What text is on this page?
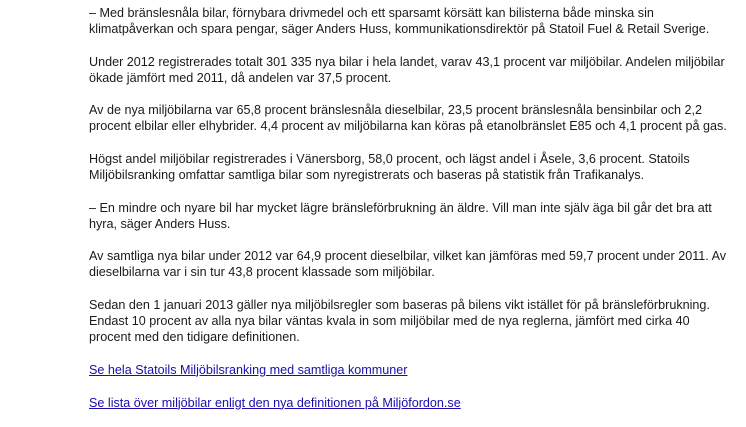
– Med bränslesnåla bilar, förnybara drivmedel och ett sparsamt körsätt kan bilisterna både minska sin klimatpåverkan och spara pengar, säger Anders Huss, kommunikationsdirektör på Statoil Fuel & Retail Sverige.

Under 2012 registrerades totalt 301 335 nya bilar i hela landet, varav 43,1 procent var miljöbilar. Andelen miljöbilar ökade jämfört med 2011, då andelen var 37,5 procent.

Av de nya miljöbilarna var 65,8 procent bränslesnåla dieselbilar, 23,5 procent bränslesnåla bensinbilar och 2,2 procent elbilar eller elhybrider. 4,4 procent av miljöbilarna kan köras på etanolbränslet E85 och 4,1 procent på gas.

Högst andel miljöbilar registrerades i Vänersborg, 58,0 procent, och lägst andel i Åsele, 3,6 procent. Statoils Miljöbilsranking omfattar samtliga bilar som nyregistrerats och baseras på statistik från Trafikanalys.

– En mindre och nyare bil har mycket lägre bränsleförbrukning än äldre. Vill man inte själv äga bil går det bra att hyra, säger Anders Huss.

Av samtliga nya bilar under 2012 var 64,9 procent dieselbilar, vilket kan jämföras med 59,7 procent under 2011. Av dieselbilarna var i sin tur 43,8 procent klassade som miljöbilar.

Sedan den 1 januari 2013 gäller nya miljöbilsregler som baseras på bilens vikt istället för på bränsleförbrukning. Endast 10 procent av alla nya bilar väntas kvala in som miljöbilar med de nya reglerna, jämfört med cirka 40 procent med den tidigare definitionen.

Se hela Statoils Miljöbilsranking med samtliga kommuner

Se lista över miljöbilar enligt den nya definitionen på Miljöfordon.se
